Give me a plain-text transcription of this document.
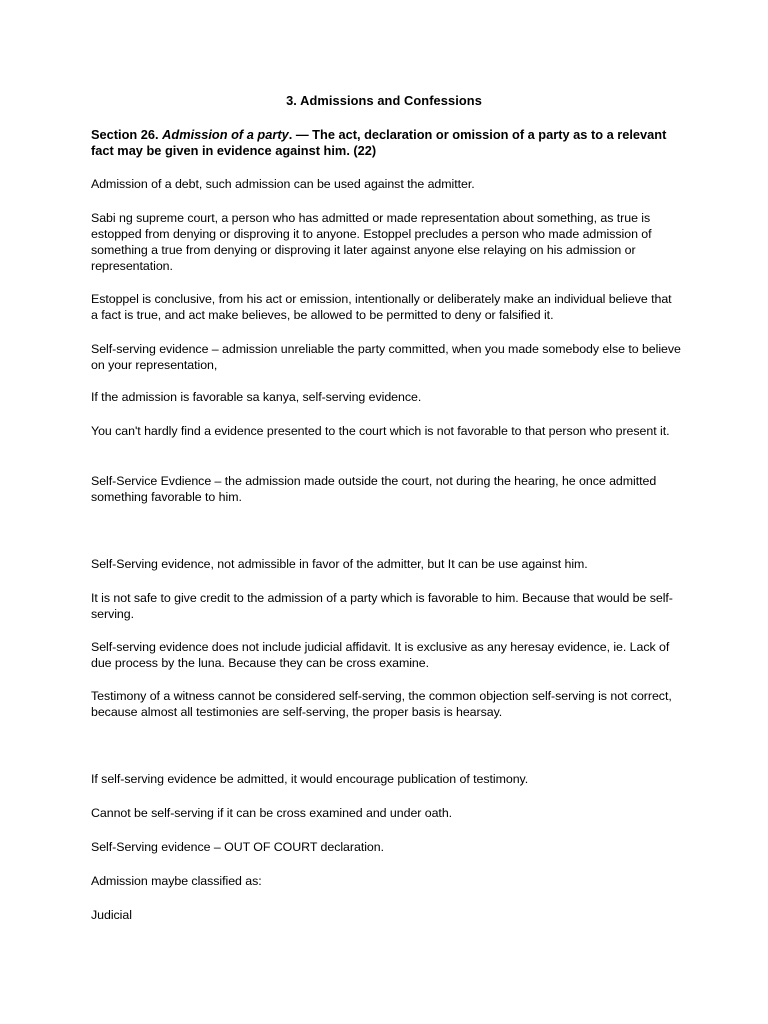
3. Admissions and Confessions
Section 26. Admission of a party. — The act, declaration or omission of a party as to a relevant fact may be given in evidence against him. (22)
Admission of a debt, such admission can be used against the admitter.
Sabi ng supreme court, a person who has admitted or made representation about something, as true is estopped from denying or disproving it to anyone. Estoppel precludes a person who made admission of something a true from denying or disproving it later against anyone else relaying on his admission or representation.
Estoppel is conclusive, from his act or emission, intentionally or deliberately make an individual believe that a fact is true, and act make believes, be allowed to be permitted to deny or falsified it.
Self-serving evidence – admission unreliable the party committed, when you made somebody else to believe on your representation,
If the admission is favorable sa kanya, self-serving evidence.
You can't hardly find a evidence presented to the court which is not favorable to that person who present it.
Self-Service Evdience – the admission made outside the court, not during the hearing, he once admitted something favorable to him.
Self-Serving evidence, not admissible in favor of the admitter, but It can be use against him.
It is not safe to give credit to the admission of a party which is favorable to him. Because that would be self-serving.
Self-serving evidence does not include judicial affidavit. It is exclusive as any heresay evidence, ie. Lack of due process by the luna. Because they can be cross examine.
Testimony of a witness cannot be considered self-serving, the common objection self-serving is not correct, because almost all testimonies are self-serving, the proper basis is hearsay.
If self-serving evidence be admitted, it would encourage publication of testimony.
Cannot be self-serving if it can be cross examined and under oath.
Self-Serving evidence – OUT OF COURT declaration.
Admission maybe classified as:
Judicial
